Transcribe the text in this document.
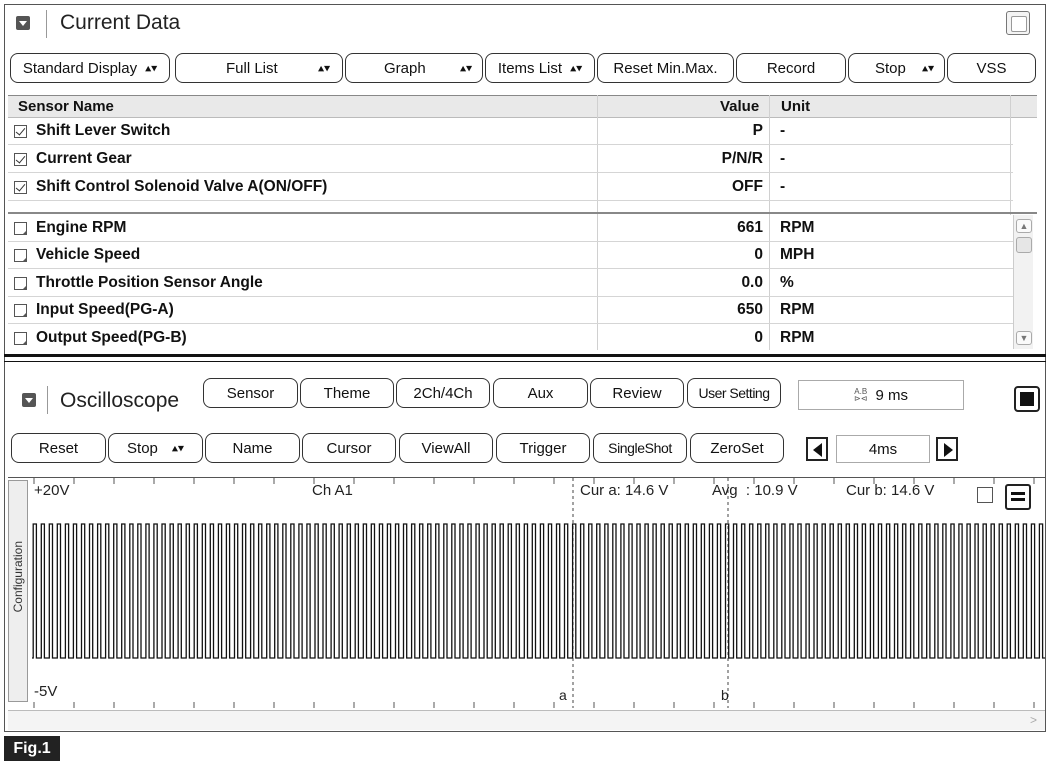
Current Data
Standard Display ▴▾	Full List	▴▾	Graph	▴▾ Items List ▴▾ Reset Min.Max.	Record	Stop ▴▾	VSS
Sensor Name	Value Unit
Shift Lever Switch	P -
Current Gear	P/N/R -
Shift Control Solenoid Valve A(ON/OFF)	OFF -
Engine RPM	661 RPM
Vehicle Speed	0 MPH
Throttle Position Sensor Angle	0.0 %
Input Speed(PG-A)	650 RPM
Output Speed(PG-B)	0 RPM
▲
▼
Oscilloscope	Sensor	Theme	2Ch/4Ch	Aux	Review	User Setting	A.B
⊳⊲ 9 ms
Reset	Stop ▴▾	Name	Cursor	ViewAll	Trigger	SingleShot	ZeroSet	4ms
Configuration
+20V	Ch A1	Cur a: 14.6 V	Avg  : 10.9 V	Cur b: 14.6 V
-5V	a	b
>
Fig.1
